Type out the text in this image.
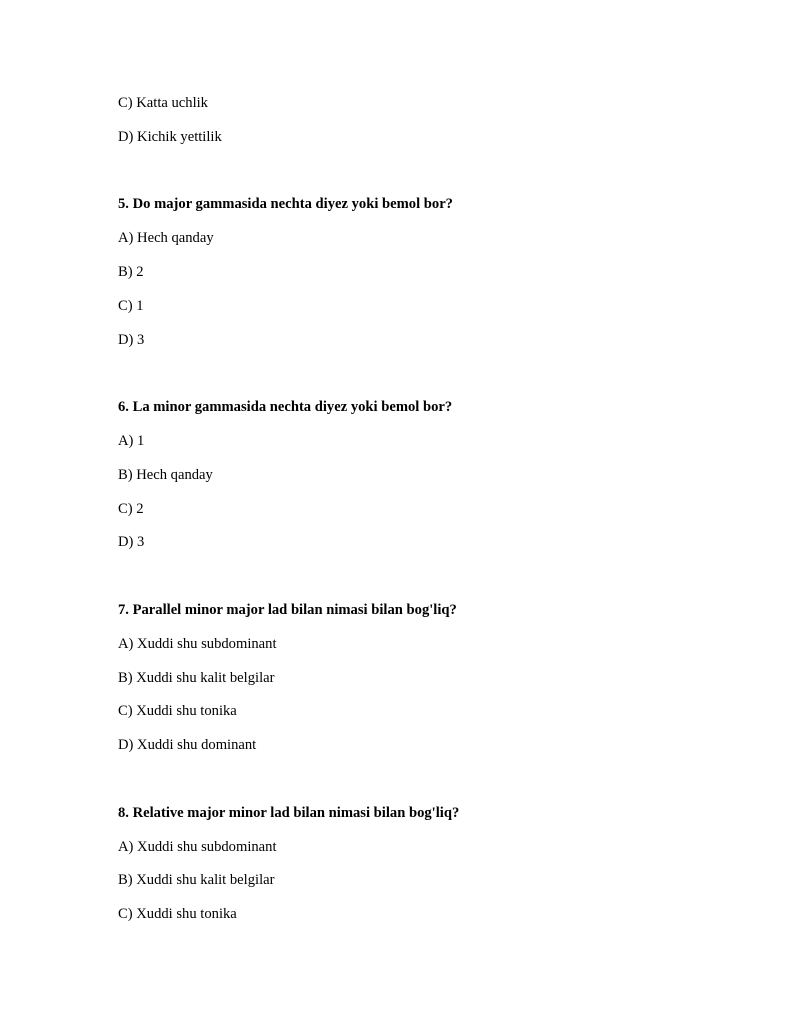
C) Katta uchlik
D) Kichik yettilik
5. Do major gammasida nechta diyez yoki bemol bor?
A) Hech qanday
B) 2
C) 1
D) 3
6. La minor gammasida nechta diyez yoki bemol bor?
A) 1
B) Hech qanday
C) 2
D) 3
7. Parallel minor major lad bilan nimasi bilan bog'liq?
A) Xuddi shu subdominant
B) Xuddi shu kalit belgilar
C) Xuddi shu tonika
D) Xuddi shu dominant
8. Relative major minor lad bilan nimasi bilan bog'liq?
A) Xuddi shu subdominant
B) Xuddi shu kalit belgilar
C) Xuddi shu tonika
